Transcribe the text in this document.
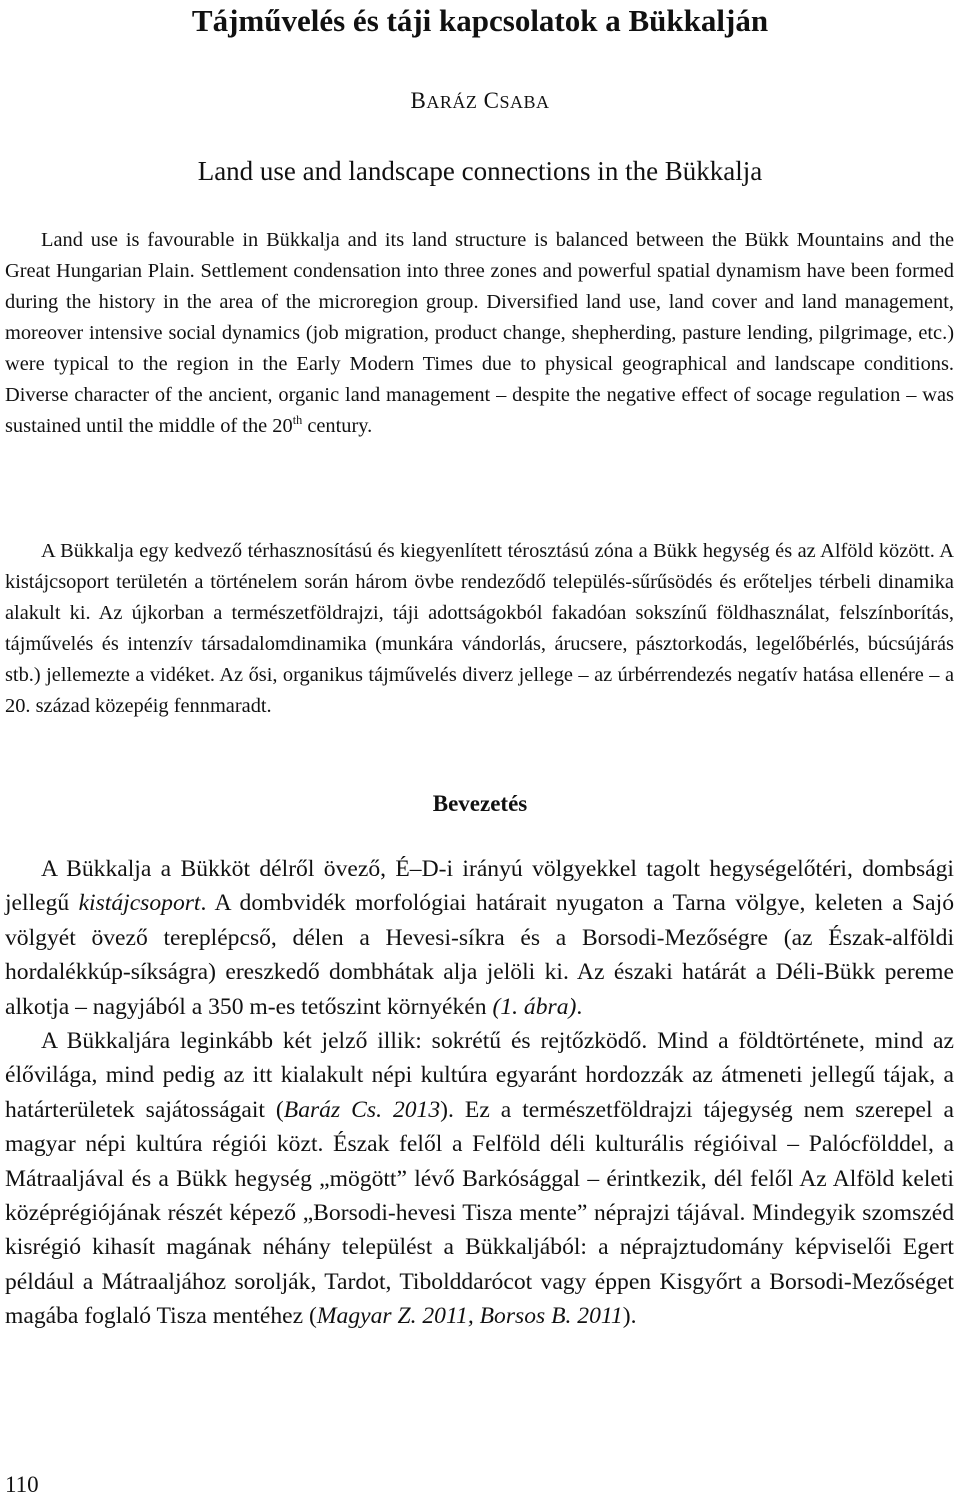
Tájművelés és táji kapcsolatok a Bükkalján
BARÁZ CSABA
Land use and landscape connections in the Bükkalja

Land use is favourable in Bükkalja and its land structure is balanced between the Bükk Mountains and the Great Hungarian Plain. Settlement condensation into three zones and powerful spatial dynamism have been formed during the history in the area of the microregion group. Diversified land use, land cover and land management, moreover intensive social dynamics (job migration, product change, shepherding, pasture lending, pilgrimage, etc.) were typical to the region in the Early Modern Times due to physical geographical and landscape conditions. Diverse character of the ancient, organic land management – despite the negative effect of socage regulation – was sustained until the middle of the 20th century.

A Bükkalja egy kedvező térhasznosítású és kiegyenlített térosztású zóna a Bükk hegység és az Alföld között. A kistájcsoport területén a történelem során három övbe rendeződő település-sűrűsödés és erőteljes térbeli dinamika alakult ki. Az újkorban a természetföldrajzi, táji adottságokból fakadóan sokszínű földhasználat, felszínborítás, tájművelés és intenzív társadalomdinamika (munkára vándorlás, árucsere, pásztorkodás, legelőbérlés, búcsújárás stb.) jellemezte a vidéket. Az ősi, organikus tájművelés diverz jellege – az úrbérrendezés negatív hatása ellenére – a 20. század közepéig fennmaradt.

Bevezetés

A Bükkalja a Bükköt délről övező, É–D-i irányú völgyekkel tagolt hegységelőtéri, dombsági jellegű kistájcsoport. A dombvidék morfológiai határait nyugaton a Tarna völgye, keleten a Sajó völgyét övező tereplépcső, délen a Hevesi-síkra és a Borsodi-Mezőségre (az Észak-alföldi hordalékkúp-síkságra) ereszkedő dombhátak alja jelöli ki. Az északi határát a Déli-Bükk pereme alkotja – nagyjából a 350 m-es tetőszint környékén (1. ábra).

A Bükkaljára leginkább két jelző illik: sokrétű és rejtőzködő. Mind a földtörténete, mind az élővilága, mind pedig az itt kialakult népi kultúra egyaránt hordozzák az átmeneti jellegű tájak, a határterületek sajátosságait (Baráz Cs. 2013). Ez a természetföldrajzi tájegység nem szerepel a magyar népi kultúra régiói közt. Észak felől a Felföld déli kulturális régióival – Palócfölddel, a Mátraaljával és a Bükk hegység „mögött” lévő Barkósággal – érintkezik, dél felől Az Alföld keleti középrégiójának részét képező „Borsodi-hevesi Tisza mente” néprajzi tájával. Mindegyik szomszéd kisrégió kihasít magának néhány települést a Bükkaljából: a néprajztudomány képviselői Egert például a Mátraaljához sorolják, Tardot, Tibolddarócot vagy éppen Kisgyőrt a Borsodi-Mezőséget magába foglaló Tisza mentéhez (Magyar Z. 2011, Borsos B. 2011).

110
